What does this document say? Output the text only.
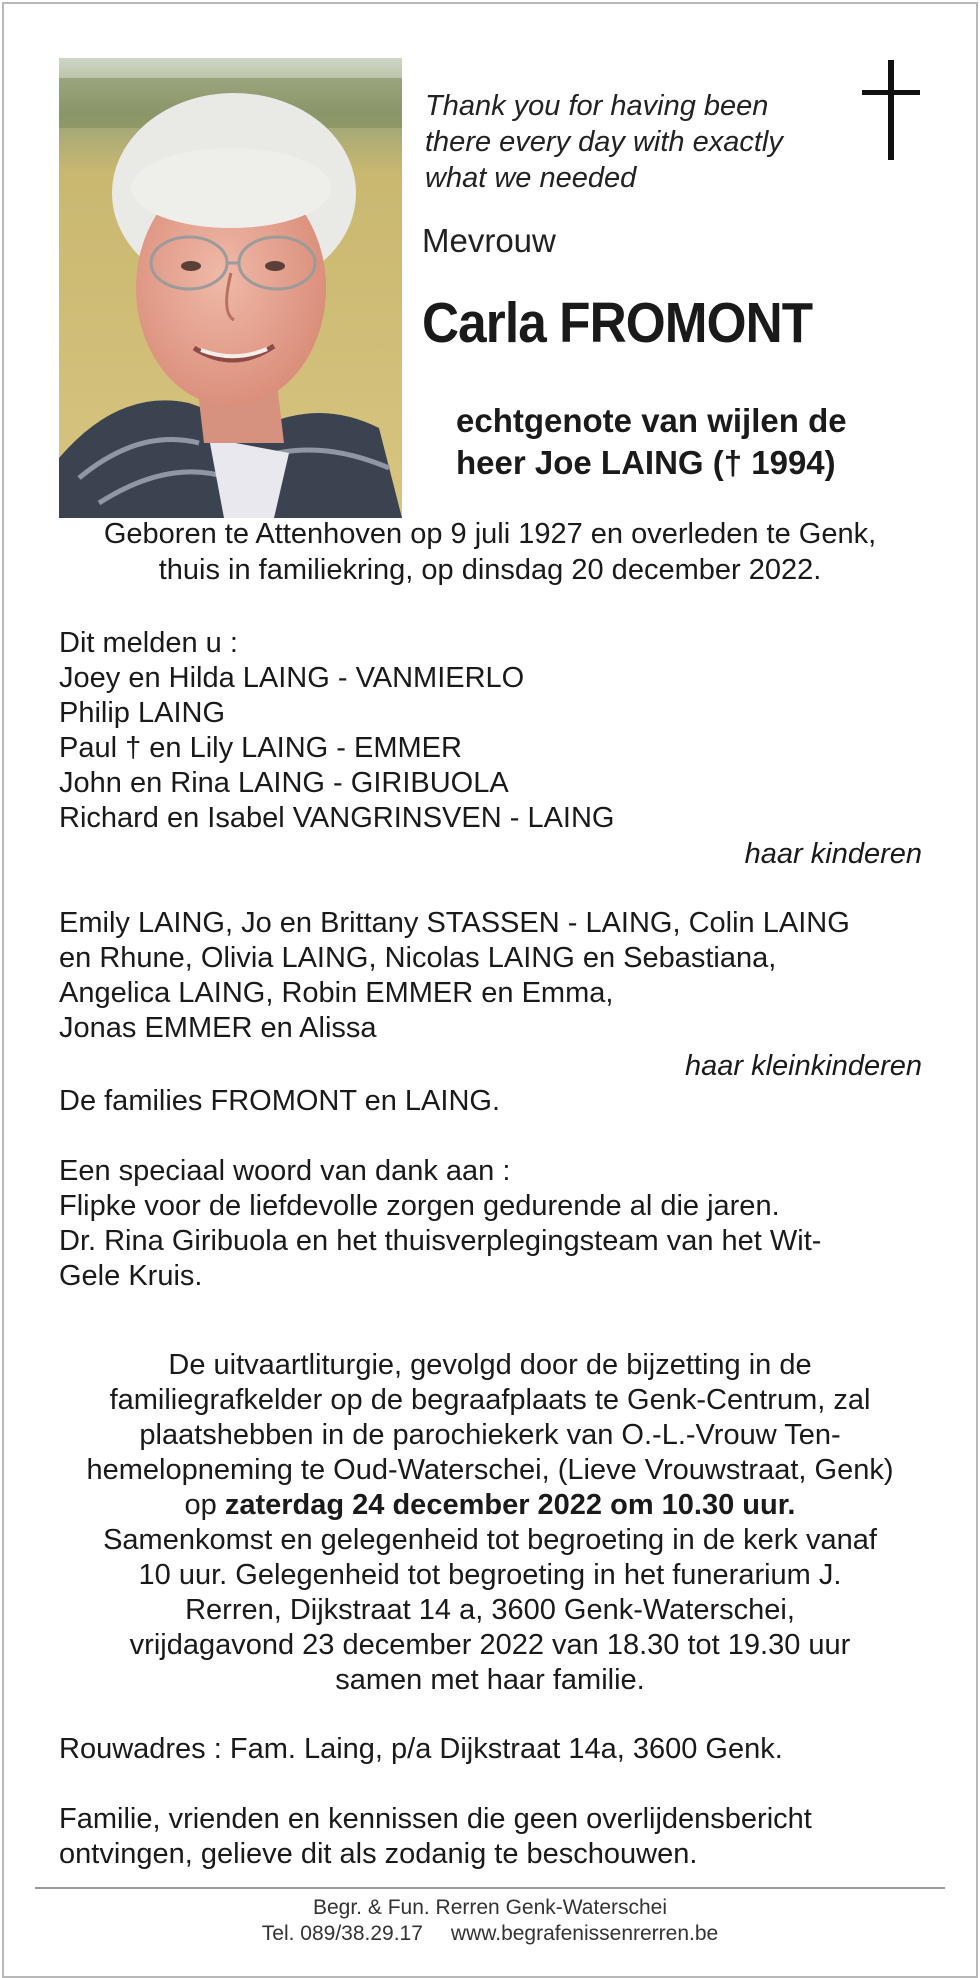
Thank you for having been
there every day with exactly
what we needed
Mevrouw
Carla FROMONT

echtgenote van wijlen de

heer Joe LAING († 1994)

Geboren te Attenhoven op 9 juli 1927 en overleden te Genk,

thuis in familiekring, op dinsdag 20 december 2022.

Dit melden u :

Joey en Hilda LAING - VANMIERLO

Philip LAING

Paul † en Lily LAING - EMMER

John en Rina LAING - GIRIBUOLA

Richard en Isabel VANGRINSVEN - LAING

haar kinderen

Emily LAING, Jo en Brittany STASSEN - LAING, Colin LAING

en Rhune, Olivia LAING, Nicolas LAING en Sebastiana,

Angelica LAING, Robin EMMER en Emma,

Jonas EMMER en Alissa

haar kleinkinderen

De families FROMONT en LAING.

Een speciaal woord van dank aan :

Flipke voor de liefdevolle zorgen gedurende al die jaren.

Dr. Rina Giribuola en het thuisverplegingsteam van het Wit-

Gele Kruis.

De uitvaartliturgie, gevolgd door de bijzetting in de

familiegrafkelder op de begraafplaats te Genk-Centrum, zal

plaatshebben in de parochiekerk van O.-L.-Vrouw Ten-

hemelopneming te Oud-Waterschei, (Lieve Vrouwstraat, Genk)

op zaterdag 24 december 2022 om 10.30 uur.

Samenkomst en gelegenheid tot begroeting in de kerk vanaf

10 uur. Gelegenheid tot begroeting in het funerarium J.

Rerren, Dijkstraat 14 a, 3600 Genk-Waterschei,

vrijdagavond 23 december 2022 van 18.30 tot 19.30 uur

samen met haar familie.

Rouwadres : Fam. Laing, p/a Dijkstraat 14a, 3600 Genk.

Familie, vrienden en kennissen die geen overlijdensbericht

ontvingen, gelieve dit als zodanig te beschouwen.

Begr. & Fun. Rerren Genk-Waterschei

Tel. 089/38.29.17 www.begrafenissenrerren.be
